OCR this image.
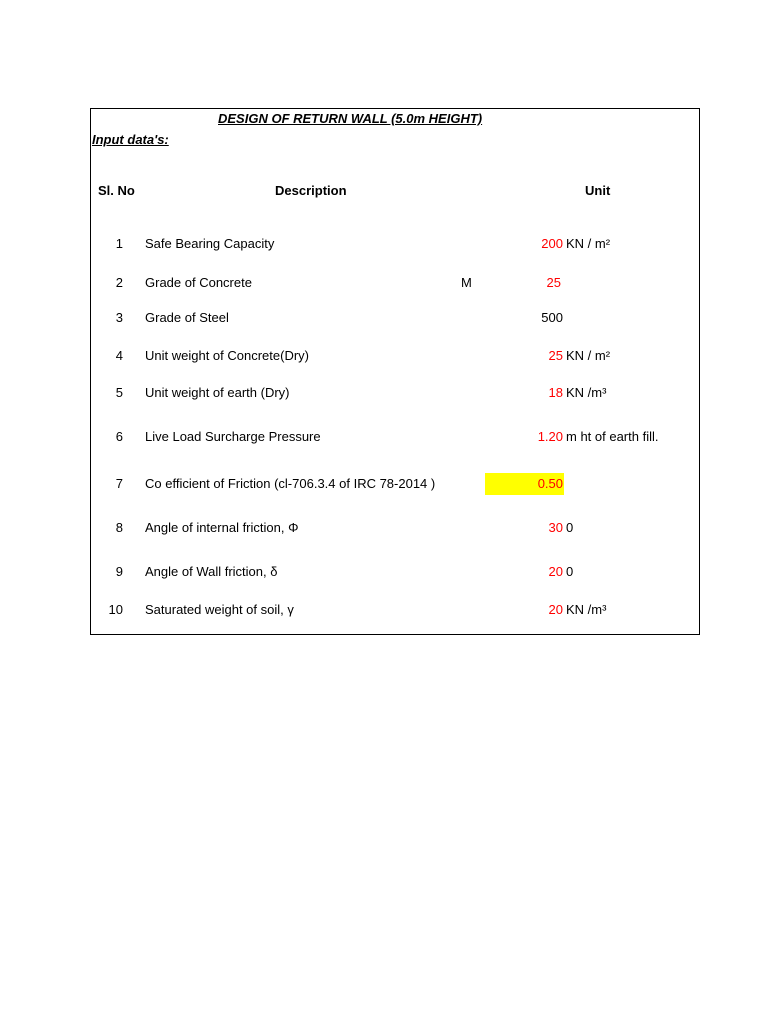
DESIGN OF RETURN WALL (5.0m HEIGHT)
Input data's:
Sl. No	Description	Unit
1 Safe Bearing Capacity	200 KN / m²
2 Grade of Concrete	M	25
3 Grade of Steel	500
4 Unit weight of Concrete(Dry)	25 KN / m²
5 Unit weight of earth (Dry)	18 KN /m³
6 Live Load Surcharge Pressure	1.20 m ht of earth fill.
7 Co efficient of Friction (cl-706.3.4 of IRC 78-2014 )	0.50
8 Angle of internal friction, Φ	30 0
9 Angle of Wall friction, δ	20 0
10 Saturated weight of soil, γ	20 KN /m³
